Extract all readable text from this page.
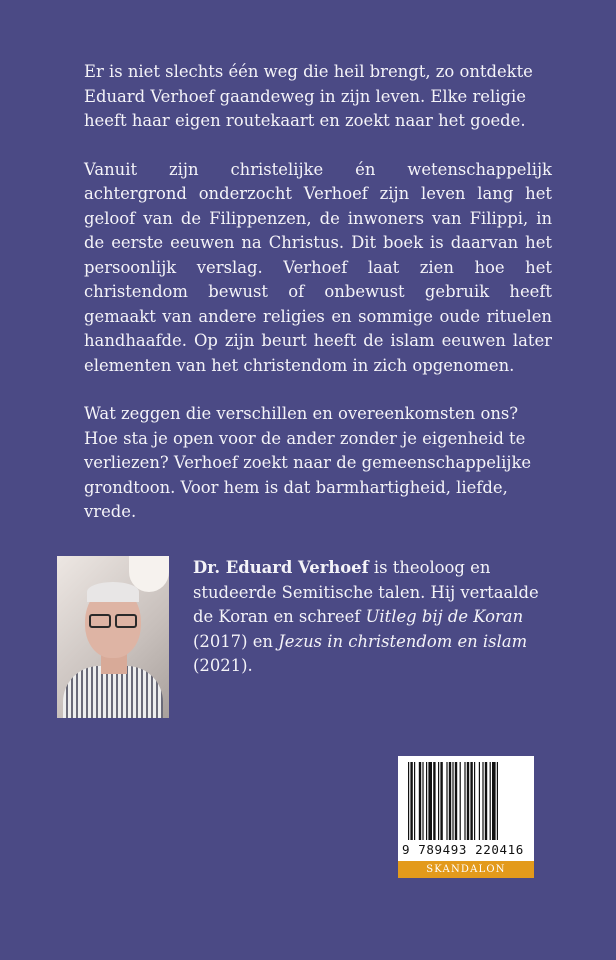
Er is niet slechts één weg die heil brengt, zo ontdekte Eduard Verhoef gaandeweg in zijn leven. Elke religie heeft haar eigen routekaart en zoekt naar het goede.

Vanuit zijn christelijke én wetenschappelijk achtergrond onderzocht Verhoef zijn leven lang het geloof van de Filippenzen, de inwoners van Filippi, in de eerste eeuwen na Christus. Dit boek is daarvan het persoonlijk verslag. Verhoef laat zien hoe het christendom bewust of onbewust gebruik heeft gemaakt van andere religies en sommige oude rituelen handhaafde. Op zijn beurt heeft de islam eeuwen later elementen van het christendom in zich opgenomen.

Wat zeggen die verschillen en overeenkomsten ons? Hoe sta je open voor de ander zonder je eigenheid te verliezen? Verhoef zoekt naar de gemeenschappelijke grondtoon. Voor hem is dat barmhartigheid, liefde, vrede.

Dr. Eduard Verhoef is theoloog en studeerde Semitische talen. Hij vertaalde de Koran en schreef Uitleg bij de Koran (2017) en Jezus in christendom en islam (2021).
9 789493 220416
SKANDALON
